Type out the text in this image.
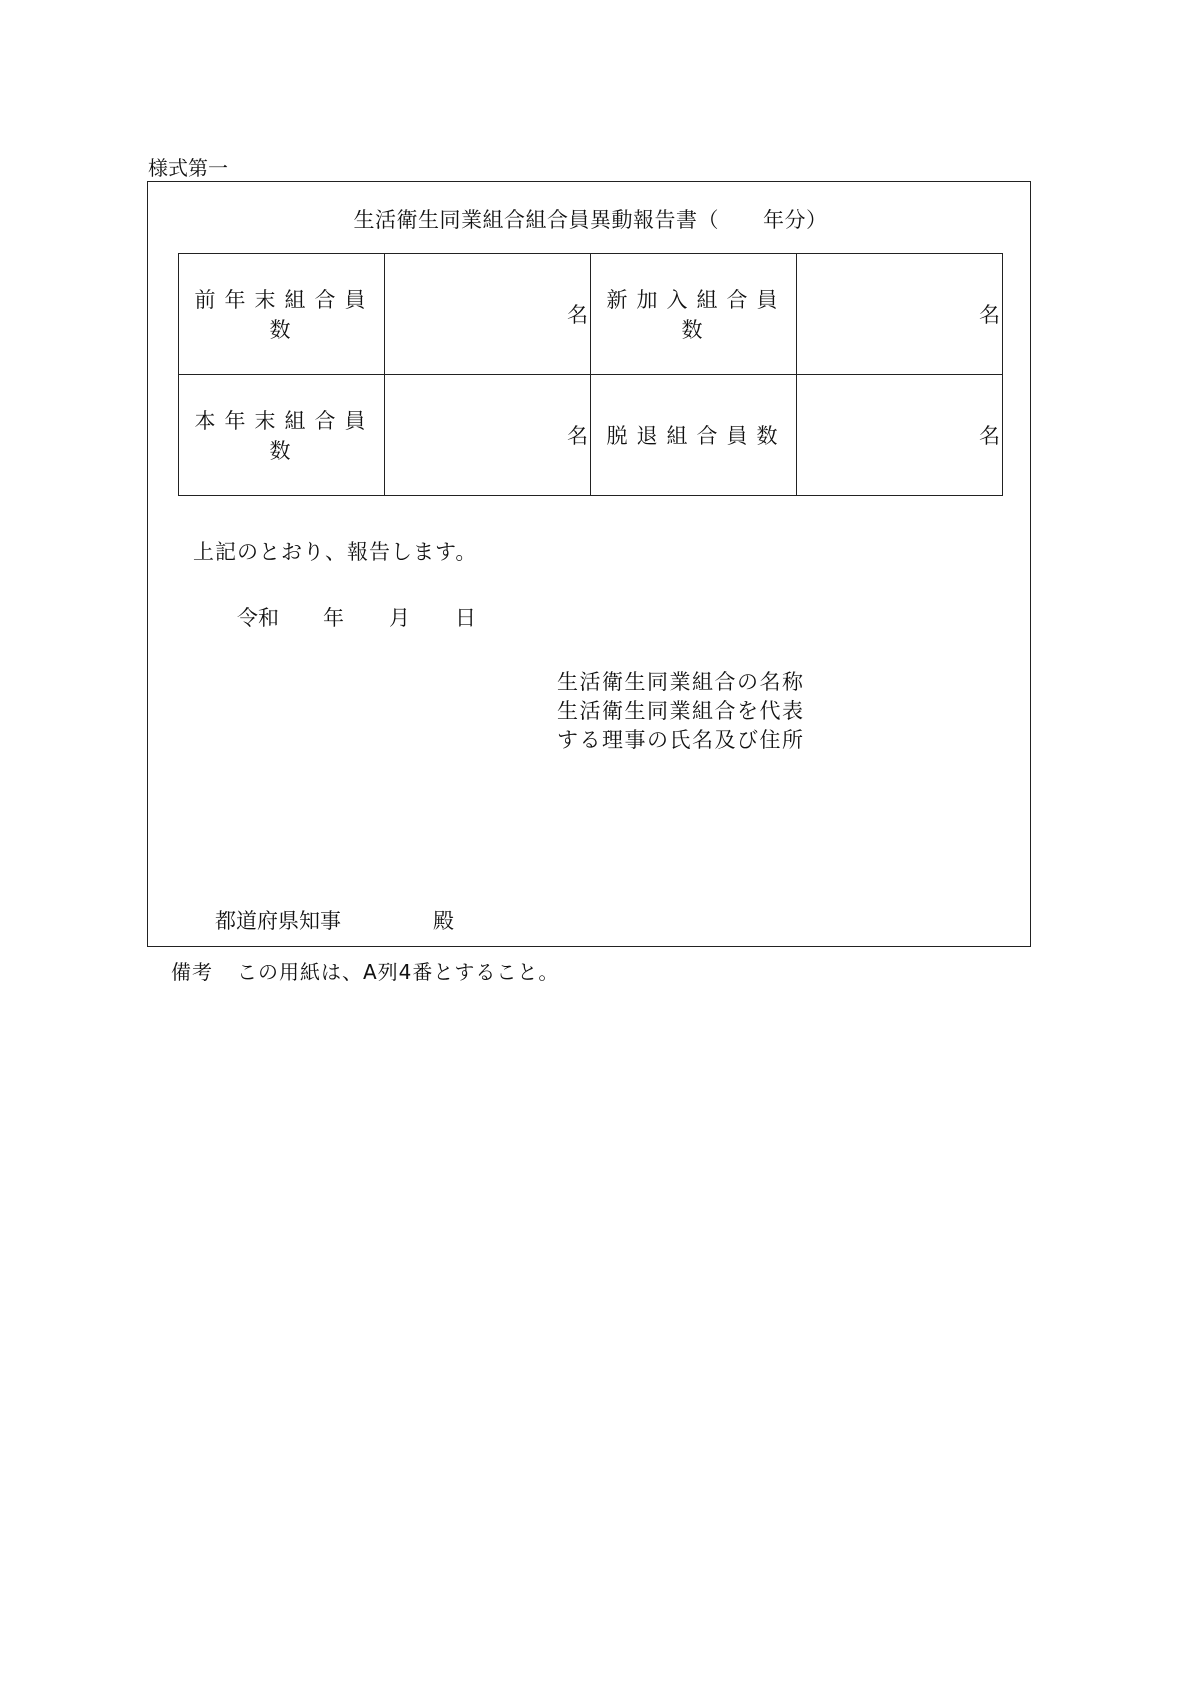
様式第一
生活衛生同業組合組合員異動報告書（ 年分）
前年末組合員数	名	新加入組合員数	名
本年末組合員数	名	脱退組合員数	名
上記のとおり、報告します。
令和 年 月 日
生活衛生同業組合の名称
生活衛生同業組合を代表
する理事の氏名及び住所
都道府県知事	殿
備考 この用紙は、A列4番とすること。
